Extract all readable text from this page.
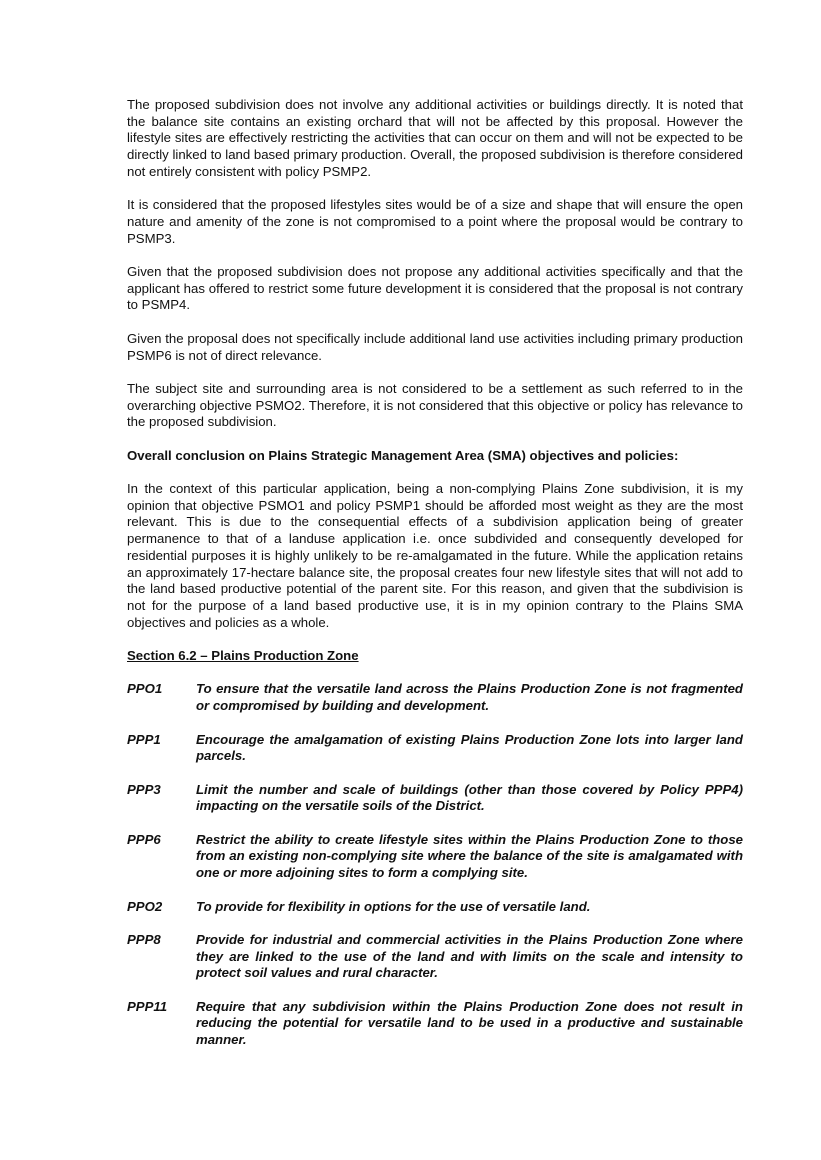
The proposed subdivision does not involve any additional activities or buildings directly. It is noted that the balance site contains an existing orchard that will not be affected by this proposal. However the lifestyle sites are effectively restricting the activities that can occur on them and will not be expected to be directly linked to land based primary production. Overall, the proposed subdivision is therefore considered not entirely consistent with policy PSMP2.

It is considered that the proposed lifestyles sites would be of a size and shape that will ensure the open nature and amenity of the zone is not compromised to a point where the proposal would be contrary to PSMP3.

Given that the proposed subdivision does not propose any additional activities specifically and that the applicant has offered to restrict some future development it is considered that the proposal is not contrary to PSMP4.

Given the proposal does not specifically include additional land use activities including primary production PSMP6 is not of direct relevance.

The subject site and surrounding area is not considered to be a settlement as such referred to in the overarching objective PSMO2. Therefore, it is not considered that this objective or policy has relevance to the proposed subdivision.

Overall conclusion on Plains Strategic Management Area (SMA) objectives and policies:

In the context of this particular application, being a non-complying Plains Zone subdivision, it is my opinion that objective PSMO1 and policy PSMP1 should be afforded most weight as they are the most relevant. This is due to the consequential effects of a subdivision application being of greater permanence to that of a landuse application i.e. once subdivided and consequently developed for residential purposes it is highly unlikely to be re-amalgamated in the future. While the application retains an approximately 17-hectare balance site, the proposal creates four new lifestyle sites that will not add to the land based productive potential of the parent site. For this reason, and given that the subdivision is not for the purpose of a land based productive use, it is in my opinion contrary to the Plains SMA objectives and policies as a whole.

Section 6.2 – Plains Production Zone

PPO1	To ensure that the versatile land across the Plains Production Zone is not fragmented or compromised by building and development.
PPP1	Encourage the amalgamation of existing Plains Production Zone lots into larger land parcels.
PPP3	Limit the number and scale of buildings (other than those covered by Policy PPP4) impacting on the versatile soils of the District.
PPP6	Restrict the ability to create lifestyle sites within the Plains Production Zone to those from an existing non-complying site where the balance of the site is amalgamated with one or more adjoining sites to form a complying site.
PPO2	To provide for flexibility in options for the use of versatile land.
PPP8	Provide for industrial and commercial activities in the Plains Production Zone where they are linked to the use of the land and with limits on the scale and intensity to protect soil values and rural character.
PPP11	Require that any subdivision within the Plains Production Zone does not result in reducing the potential for versatile land to be used in a productive and sustainable manner.
